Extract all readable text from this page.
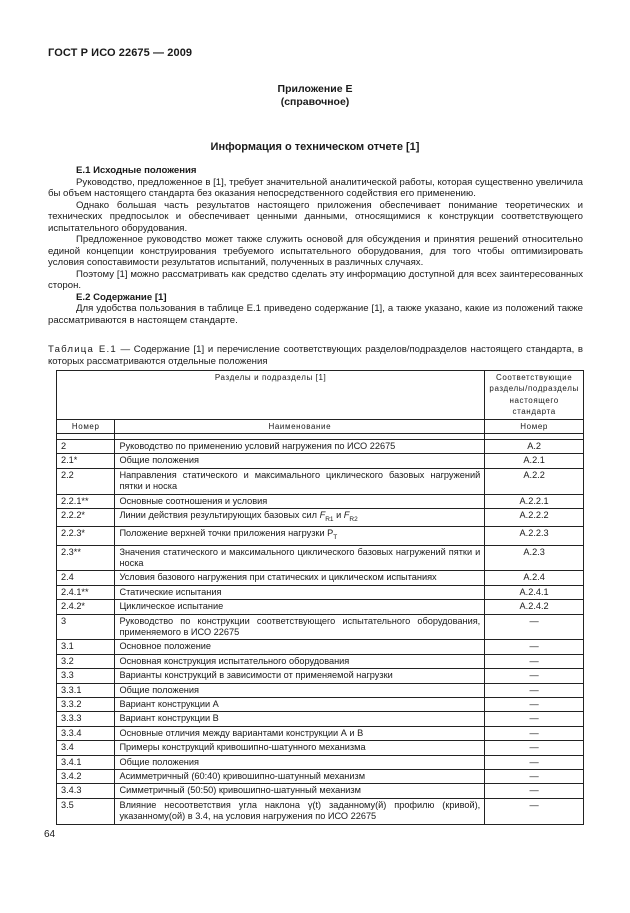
ГОСТ Р ИСО 22675 — 2009
Приложение Е
(справочное)
Информация о техническом отчете [1]
Е.1 Исходные положения

Руководство, предложенное в [1], требует значительной аналитической работы, которая существенно увеличила бы объем настоящего стандарта без оказания непосредственного содействия его применению.

Однако большая часть результатов настоящего приложения обеспечивает понимание теоретических и технических предпосылок и обеспечивает ценными данными, относящимися к конструкции соответствующего испытательного оборудования.

Предложенное руководство может также служить основой для обсуждения и принятия решений относительно единой концепции конструирования требуемого испытательного оборудования, для того чтобы оптимизировать условия сопоставимости результатов испытаний, полученных в различных случаях.

Поэтому [1] можно рассматривать как средство сделать эту информацию доступной для всех заинтересованных сторон.

Е.2 Содержание [1]

Для удобства пользования в таблице Е.1 приведено содержание [1], а также указано, какие из положений также рассматриваются в настоящем стандарте.

Таблица Е.1 — Содержание [1] и перечисление соответствующих разделов/подразделов настоящего стандарта, в которых рассматриваются отдельные положения
Разделы и подразделы [1]		Соответствующие разделы/подразделы настоящего стандарта
Номер	Наименование	Номер

2	Руководство по применению условий нагружения по ИСО 22675	А.2
2.1*	Общие положения	А.2.1
2.2	Направления статического и максимального циклического базовых нагружений пятки и носка	А.2.2
2.2.1**	Основные соотношения и условия	А.2.2.1
2.2.2*	Линии действия результирующих базовых сил $F_{R1}$ и $F_{R2}$	А.2.2.2
2.2.3*	Положение верхней точки приложения нагрузки $P_T$	А.2.2.3
2.3**	Значения статического и максимального циклического базовых нагружений пятки и носка	А.2.3
2.4	Условия базового нагружения при статических и циклическом испытаниях	А.2.4
2.4.1**	Статические испытания	А.2.4.1
2.4.2*	Циклическое испытание	А.2.4.2
3	Руководство по конструкции соответствующего испытательного оборудования, применяемого в ИСО 22675	—
3.1	Основное положение	—
3.2	Основная конструкция испытательного оборудования	—
3.3	Варианты конструкций в зависимости от применяемой нагрузки	—
3.3.1	Общие положения	—
3.3.2	Вариант конструкции А	—
3.3.3	Вариант конструкции В	—
3.3.4	Основные отличия между вариантами конструкции А и В	—
3.4	Примеры конструкций кривошипно-шатунного механизма	—
3.4.1	Общие положения	—
3.4.2	Асимметричный (60:40) кривошипно-шатунный механизм	—
3.4.3	Симметричный (50:50) кривошипно-шатунный механизм	—
3.5	Влияние несоответствия угла наклона γ(t) заданному(й) профилю (кривой), указанному(ой) в 3.4, на условия нагружения по ИСО 22675	—
64
